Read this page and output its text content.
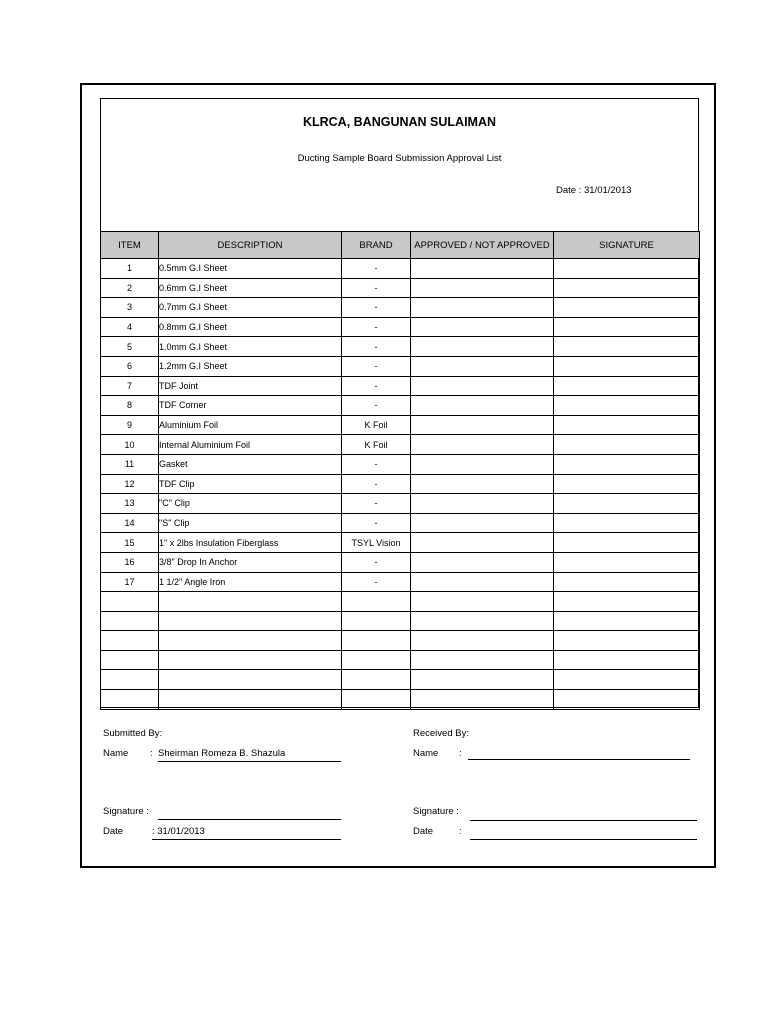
KLRCA, BANGUNAN SULAIMAN
Ducting Sample Board Submission Approval List
Date : 31/01/2013
ITEM	DESCRIPTION	BRAND	APPROVED / NOT APPROVED	SIGNATURE
1	0.5mm G.I Sheet	-		
2	0.6mm G.I Sheet	-		
3	0.7mm G.I Sheet	-		
4	0.8mm G.I Sheet	-		
5	1.0mm G.I Sheet	-		
6	1.2mm G.I Sheet	-		
7	TDF Joint	-		
8	TDF Corner	-		
9	Aluminium Foil	K Foil		
10	Internal Aluminium Foil	K Foil		
11	Gasket	-		
12	TDF Clip	-		
13	"C" Clip	-		
14	"S" Clip	-		
15	1" x 2lbs Insulation Fiberglass	TSYL Vision		
16	3/8" Drop In Anchor	-		
17	1 1/2" Angle Iron	-		

Submitted By:
Name : Sheirman Romeza B. Shazula
Signature :
Date	: 31/01/2013
Received By:
Name :
Signature :
Date	:
